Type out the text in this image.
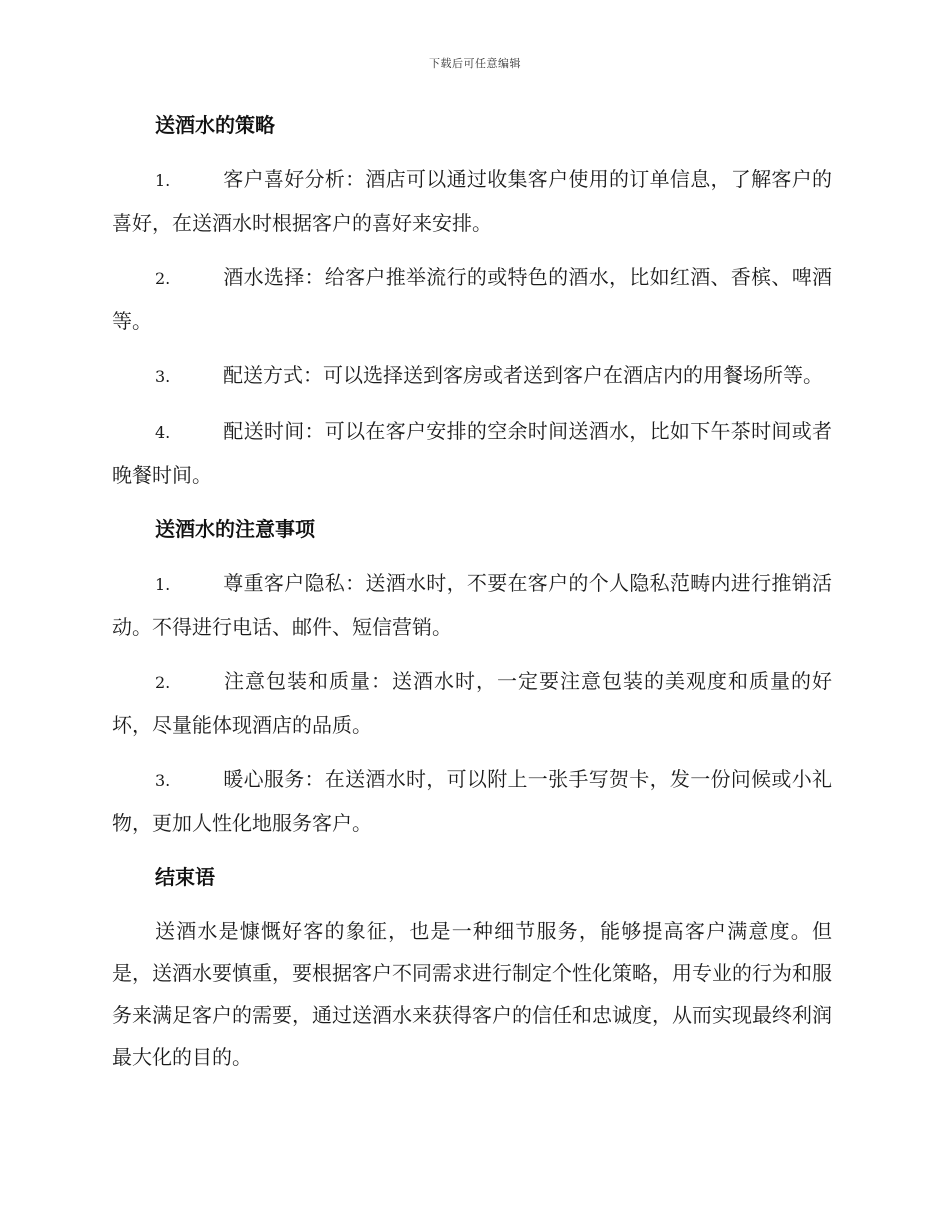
下载后可任意编辑
送酒水的策略
1.	客户喜好分析：酒店可以通过收集客户使用的订单信息，了解客户的喜好，在送酒水时根据客户的喜好来安排。
2.	酒水选择：给客户推举流行的或特色的酒水，比如红酒、香槟、啤酒等。
3.	配送方式：可以选择送到客房或者送到客户在酒店内的用餐场所等。
4.	配送时间：可以在客户安排的空余时间送酒水，比如下午茶时间或者晚餐时间。
送酒水的注意事项
1.	尊重客户隐私：送酒水时，不要在客户的个人隐私范畴内进行推销活动。不得进行电话、邮件、短信营销。
2.	注意包装和质量：送酒水时，一定要注意包装的美观度和质量的好坏，尽量能体现酒店的品质。
3.	暖心服务：在送酒水时，可以附上一张手写贺卡，发一份问候或小礼物，更加人性化地服务客户。
结束语

送酒水是慷慨好客的象征，也是一种细节服务，能够提高客户满意度。但是，送酒水要慎重，要根据客户不同需求进行制定个性化策略，用专业的行为和服务来满足客户的需要，通过送酒水来获得客户的信任和忠诚度，从而实现最终利润最大化的目的。
